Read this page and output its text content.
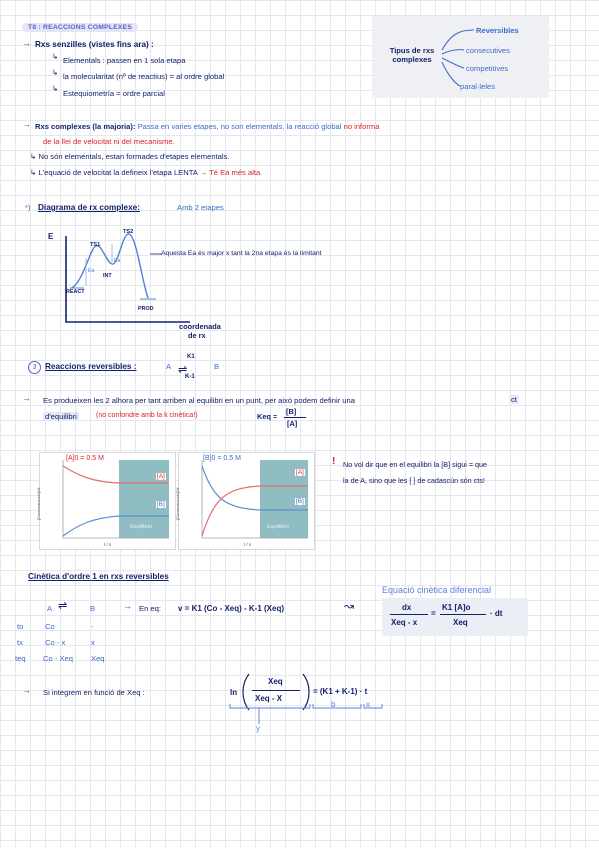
T8 : REACCIONS COMPLEXES
→ Rxs senzilles (vistes fins ara) :
↳ Elementals : passen en 1 sola etapa
↳ la molecularitat (nº de reactius) = al ordre global
↳
Estequiometría = ordre parcial
Tipus de rxs
complexes
Reversibles
consecutives
competitives
paral·leles
→ Rxs complexes (la majoria): Passa en varies etapes, no son elementals. la reacció global no informa
de la llei de velocitat ni del mecanisme.
↳ No són elementals, estan formades d'etapes elementals.
↳ L'equació de velocitat la defineix l'etapa LENTA → Té Ea més alta
*) Diagrama de rx complexe:	Amb 2 etapes
E
TS1
TS2
INT
REACT
PROD
Ea
Ea
coordenada
de rx
Aquesta Ea és major x tant la 2na etapa és la limitant
3	Reaccions reversibles :	A
K1
⇌
K-1
B
→ Es produeixen les 2 alhora per tant arriben al equilibri en un punt, per això podem definir una	ct
d'equilibri	(no confondre amb la k cinètica!)	Keq =
[B]
[A]
[A]0 = 0.5 M
[A]
[B]
Equilibrio
[Concentración]/M
t / s
[B]0 = 0.5 M
[A]
[B]
Equilibrio
[Concentración]/M
t / s
! No vol dir que en el equilibri la [B] sigui = que
la de A, sino que les [ ] de cadascún són cts!
Cinètica d'ordre 1 en rxs reversibles
A ⇌	B
to	Co	-
tx	Co - x	x
teq Co - Xeq Xeq
→ En eq: v = K1 (Co - Xeq) - K-1 (Xeq)	↝
Equació cinètica diferencial
dx
Xeq - x
=
K1 [A]o
Xeq
· dt
→ Si integrem en funció de Xeq :	ln
Xeq
Xeq - X
= (K1 + K-1) · t
y
b	x
